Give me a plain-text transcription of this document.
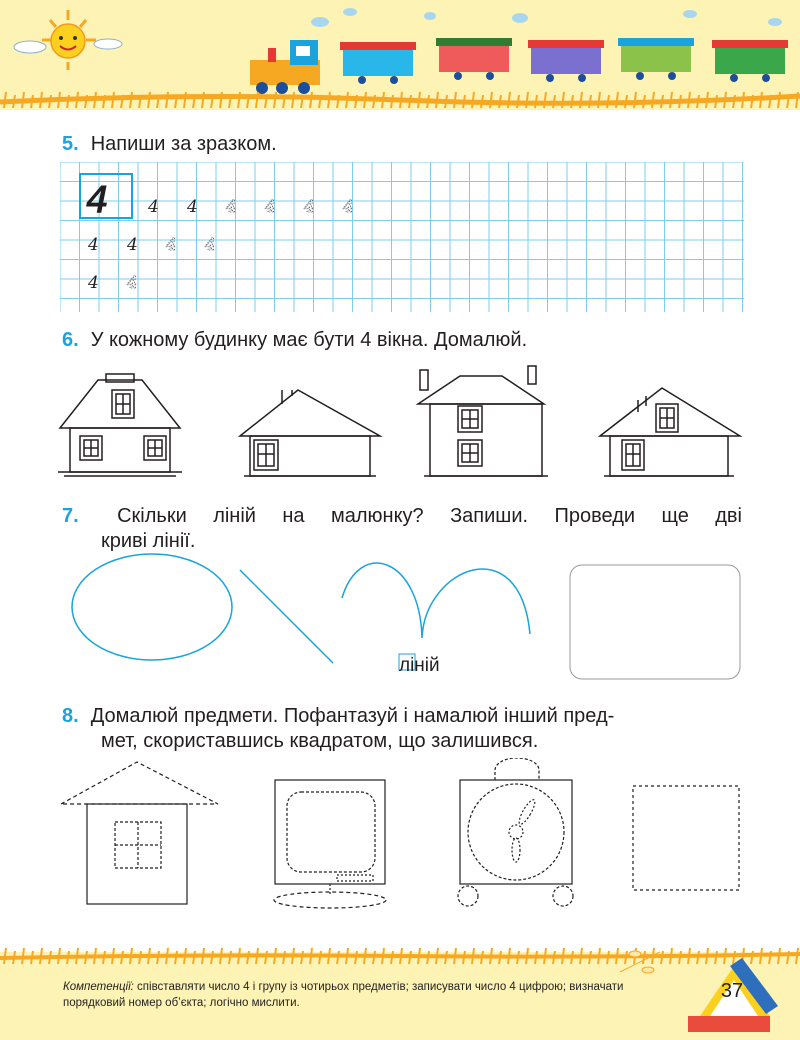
5. Напиши за зразком.
4 4 4 4 4 4 4
4 4 4 4
4 4
6. У кожному будинку має бути 4 вікна. Домалюй.
7. Скільки ліній на малюнку? Запиши. Проведи ще дві
криві лінії.
ліній
8. Домалюй предмети. Пофантазуй і намалюй інший пред-
мет, скориставшись квадратом, що залишився.
Компетенції: співставляти число 4 і групу із чотирьох предметів; записувати число 4 цифрою; визначати порядковий номер об’єкта; логічно мислити.
37
